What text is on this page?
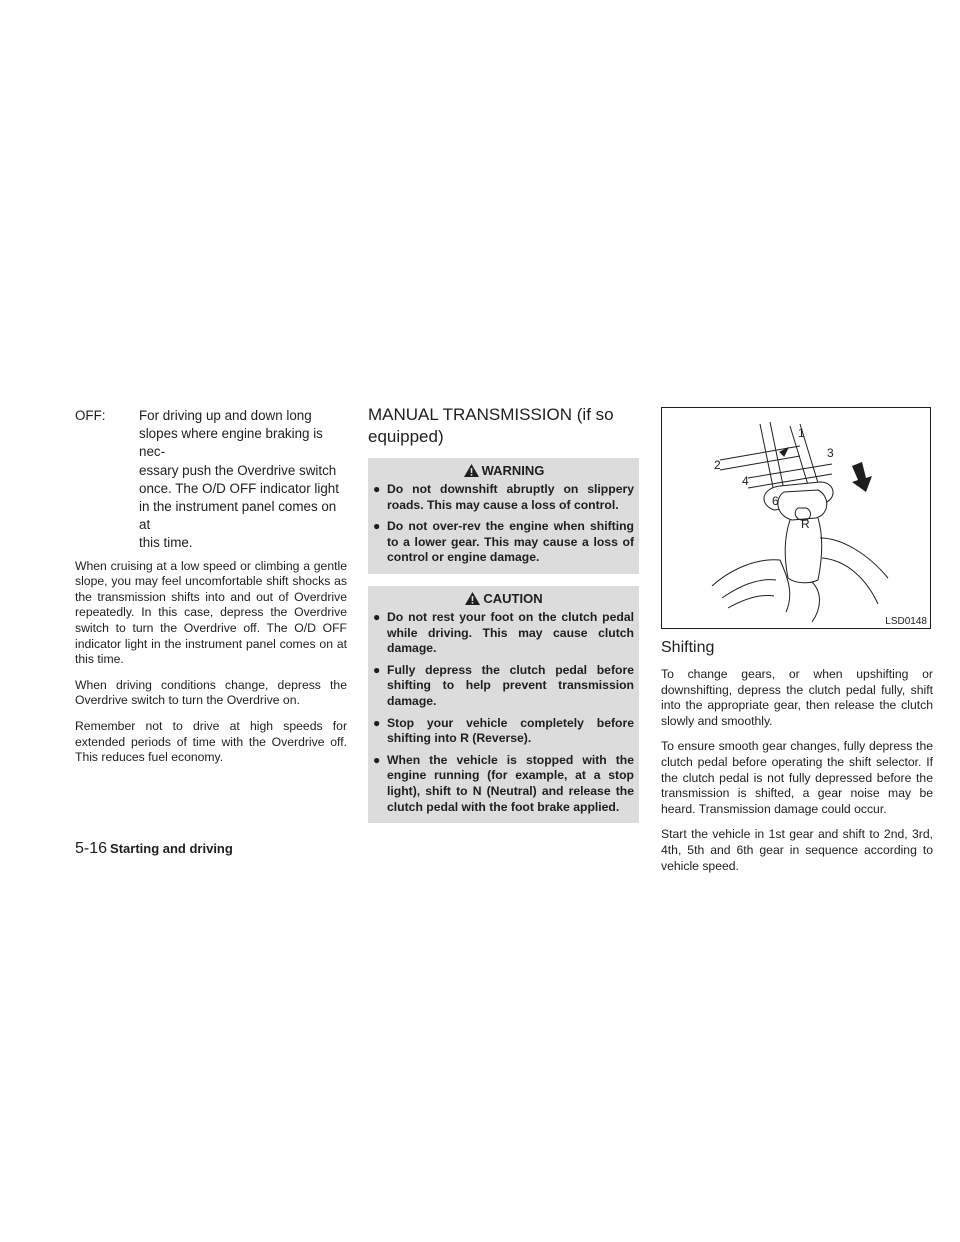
OFF:	For driving up and down long
slopes where engine braking is nec-
essary push the Overdrive switch
once. The O/D OFF indicator light
in the instrument panel comes on at
this time.

When cruising at a low speed or climbing a gentle slope, you may feel uncomfortable shift shocks as the transmission shifts into and out of Overdrive repeatedly. In this case, depress the Overdrive switch to turn the Overdrive off. The O/D OFF indicator light in the instrument panel comes on at this time.

When driving conditions change, depress the Overdrive switch to turn the Overdrive on.

Remember not to drive at high speeds for extended periods of time with the Overdrive off. This reduces fuel economy.

MANUAL TRANSMISSION (if so equipped)
WARNING
● Do not downshift abruptly on slippery roads. This may cause a loss of control.
● Do not over-rev the engine when shifting to a lower gear. This may cause a loss of control or engine damage.
CAUTION
● Do not rest your foot on the clutch pedal while driving. This may cause clutch damage.
● Fully depress the clutch pedal before shifting to help prevent transmission damage.
● Stop your vehicle completely before shifting into R (Reverse).
● When the vehicle is stopped with the engine running (for example, at a stop light), shift to N (Neutral) and release the clutch pedal with the foot brake applied.
1
2
3
4
5
6
R
LSD0148
Shifting

To change gears, or when upshifting or downshifting, depress the clutch pedal fully, shift into the appropriate gear, then release the clutch slowly and smoothly.

To ensure smooth gear changes, fully depress the clutch pedal before operating the shift selector. If the clutch pedal is not fully depressed before the transmission is shifted, a gear noise may be heard. Transmission damage could occur.

Start the vehicle in 1st gear and shift to 2nd, 3rd, 4th, 5th and 6th gear in sequence according to vehicle speed.

5-16 Starting and driving
